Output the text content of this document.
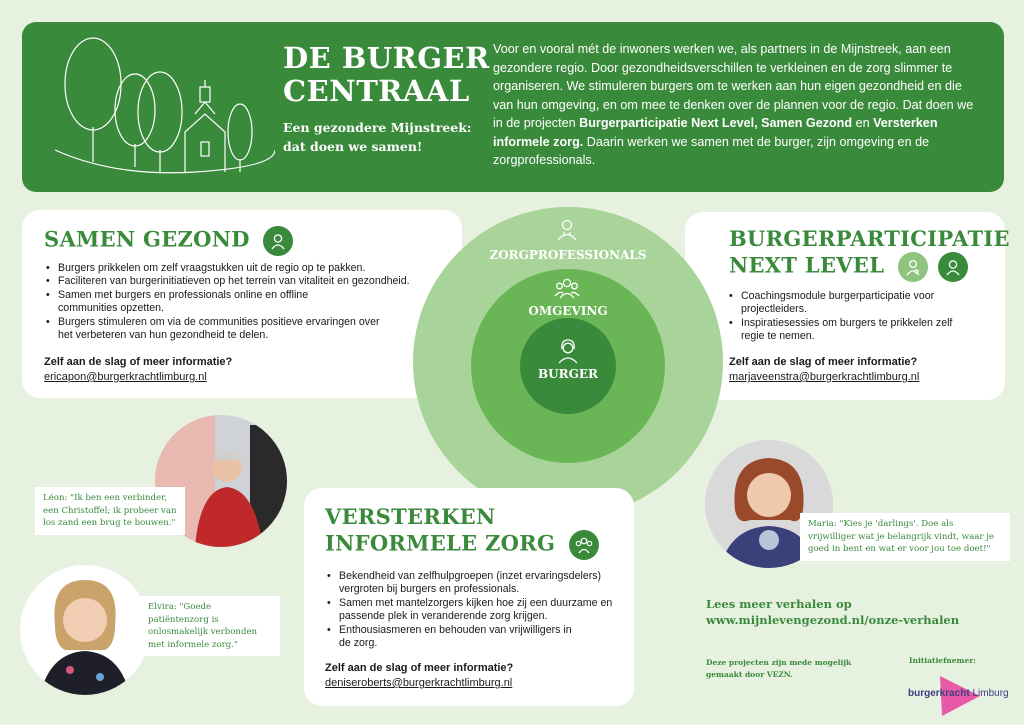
DE BURGER
CENTRAAL
Een gezondere Mijnstreek: dat doen we samen!
Voor en vooral mét de inwoners werken we, als partners in de Mijnstreek, aan een gezondere regio. Door gezondheidsverschillen te verkleinen en de zorg slimmer te organiseren. We stimuleren burgers om te werken aan hun eigen gezondheid en die van hun omgeving, en om mee te denken over de plannen voor de regio. Dat doen we in de projecten Burgerparticipatie Next Level, Samen Gezond en Versterken informele zorg. Daarin werken we samen met de burger, zijn omgeving en de zorgprofessionals.
SAMEN GEZOND
• Burgers prikkelen om zelf vraagstukken uit de regio op te pakken.
• Faciliteren van burgerinitiatieven op het terrein van vitaliteit en gezondheid.
• Samen met burgers en professionals online en offline communities opzetten.
• Burgers stimuleren om via de communities positieve ervaringen over het verbeteren van hun gezondheid te delen.
Zelf aan de slag of meer informatie?
ericapon@burgerkrachtlimburg.nl
BURGERPARTICIPATIE
NEXT LEVEL

• Coachingsmodule burgerparticipatie voor projectleiders.
• Inspiratiesessies om burgers te prikkelen zelf regie te nemen.
Zelf aan de slag of meer informatie?
marjaveenstra@burgerkrachtlimburg.nl
ZORGPROFESSIONALS
OMGEVING
BURGER
Léon: "Ik ben een verbinder, een Christoffel; ik probeer van los zand een brug te bouwen."
Elvira: "Goede patiëntenzorg is onlosmakelijk verbonden met informele zorg."
Maria: "Kies je 'darlings'. Doe als vrijwilliger wat je belangrijk vindt, waar je goed in bent en wat er voor jou toe doet!"
VERSTERKEN
INFORMELE ZORG
• Bekendheid van zelfhulpgroepen (inzet ervaringsdelers) vergroten bij burgers en professionals.
• Samen met mantelzorgers kijken hoe zij een duurzame en passende plek in veranderende zorg krijgen.
• Enthousiasmeren en behouden van vrijwilligers in de zorg.
Zelf aan de slag of meer informatie?
deniseroberts@burgerkrachtlimburg.nl
Lees meer verhalen op
www.mijnlevengezond.nl/onze-verhalen
Deze projecten zijn mede mogelijk gemaakt door VEZN.
Initiatiefnemer:
burgerkracht Limburg
